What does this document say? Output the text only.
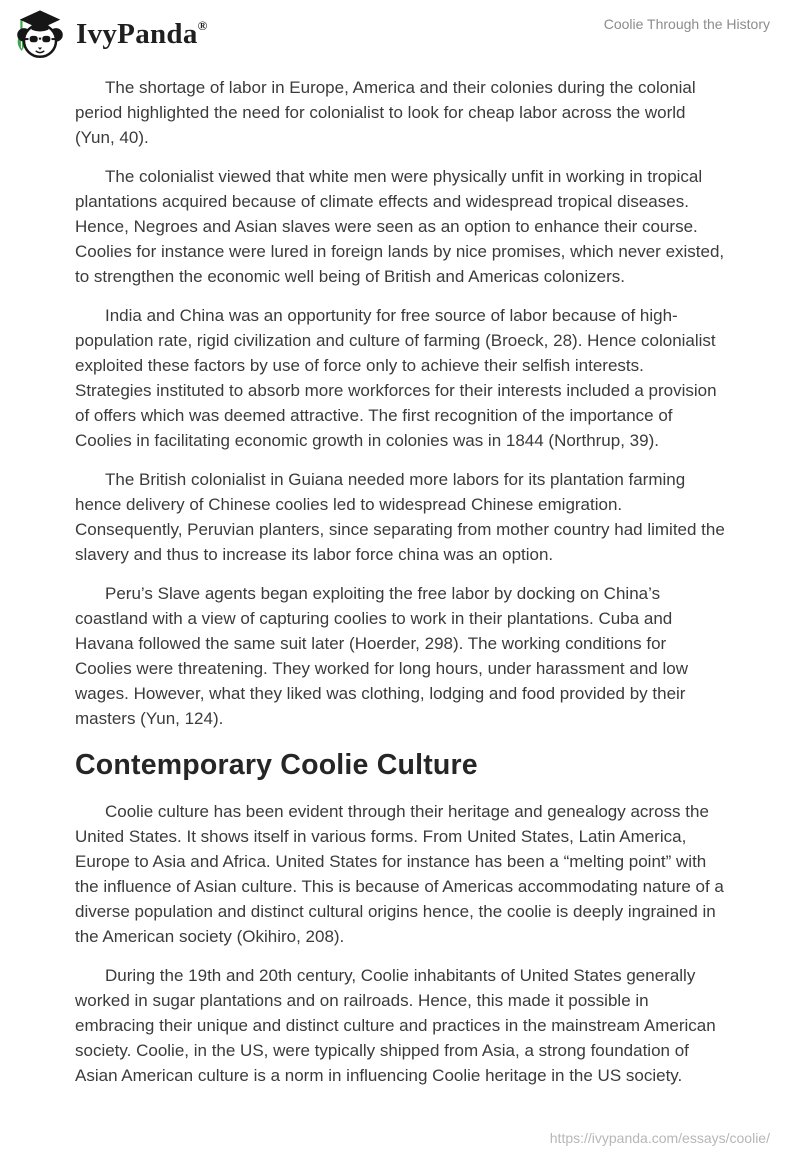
IvyPanda®	Coolie Through the History

The shortage of labor in Europe, America and their colonies during the colonial period highlighted the need for colonialist to look for cheap labor across the world (Yun, 40).

The colonialist viewed that white men were physically unfit in working in tropical plantations acquired because of climate effects and widespread tropical diseases. Hence, Negroes and Asian slaves were seen as an option to enhance their course. Coolies for instance were lured in foreign lands by nice promises, which never existed, to strengthen the economic well being of British and Americas colonizers.

India and China was an opportunity for free source of labor because of high-population rate, rigid civilization and culture of farming (Broeck, 28). Hence colonialist exploited these factors by use of force only to achieve their selfish interests. Strategies instituted to absorb more workforces for their interests included a provision of offers which was deemed attractive. The first recognition of the importance of Coolies in facilitating economic growth in colonies was in 1844 (Northrup, 39).

The British colonialist in Guiana needed more labors for its plantation farming hence delivery of Chinese coolies led to widespread Chinese emigration. Consequently, Peruvian planters, since separating from mother country had limited the slavery and thus to increase its labor force china was an option.

Peru’s Slave agents began exploiting the free labor by docking on China’s coastland with a view of capturing coolies to work in their plantations. Cuba and Havana followed the same suit later (Hoerder, 298). The working conditions for Coolies were threatening. They worked for long hours, under harassment and low wages. However, what they liked was clothing, lodging and food provided by their masters (Yun, 124).

Contemporary Coolie Culture

Coolie culture has been evident through their heritage and genealogy across the United States. It shows itself in various forms. From United States, Latin America, Europe to Asia and Africa. United States for instance has been a “melting point” with the influence of Asian culture. This is because of Americas accommodating nature of a diverse population and distinct cultural origins hence, the coolie is deeply ingrained in the American society (Okihiro, 208).

During the 19th and 20th century, Coolie inhabitants of United States generally worked in sugar plantations and on railroads. Hence, this made it possible in embracing their unique and distinct culture and practices in the mainstream American society. Coolie, in the US, were typically shipped from Asia, a strong foundation of Asian American culture is a norm in influencing Coolie heritage in the US society.

https://ivypanda.com/essays/coolie/
